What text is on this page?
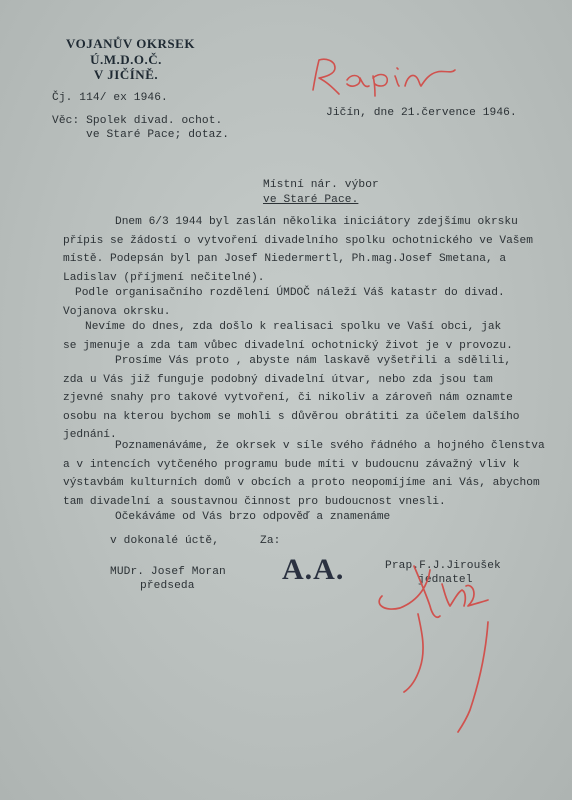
VOJANŮV OKRSEK
Ú.M.D.O.Č.
V JIČÍNĚ.
Čj. 114/ ex 1946.
Věc: Spolek divad. ochot.
ve Staré Pace; dotaz.
Jičín, dne 21.července 1946.
Místní nár. výbor
ve Staré Pace.
Dnem 6/3 1944 byl zaslán několika iniciátory zdejšímu okrsku
přípis se žádostí o vytvoření divadelního spolku ochotnického ve Vašem
místě. Podepsán byl pan Josef Niedermertl, Ph.mag.Josef Smetana, a
Ladislav (příjmení nečitelné).
Podle organisačního rozdělení ÚMDOČ náleží Váš katastr do divad.
Vojanova okrsku.
Nevíme do dnes, zda došlo k realisaci spolku ve Vaší obci, jak
se jmenuje a zda tam vůbec divadelní ochotnický život je v provozu.
Prosíme Vás proto , abyste nám laskavě vyšetřili a sdělili,
zda u Vás již funguje podobný divadelní útvar, nebo zda jsou tam
zjevné snahy pro takové vytvoření, či nikoliv a zároveň nám oznamte
osobu na kterou bychom se mohli s důvěrou obrátiti za účelem dalšího
jednání.
Poznamenáváme, že okrsek v síle svého řádného a hojného členstva
a v intencích vytčeného programu bude míti v budoucnu závažný vliv k
výstavbám kulturních domů v obcích a proto neopomíjíme ani Vás, abychom
tam divadelní a soustavnou činnost pro budoucnost vnesli.
Očekáváme od Vás brzo odpověď a znamenáme
v dokonalé úctě,	Za:
MUDr. Josef Moran
předseda	A.A.	Prap.F.J.Jiroušek
jednatel
